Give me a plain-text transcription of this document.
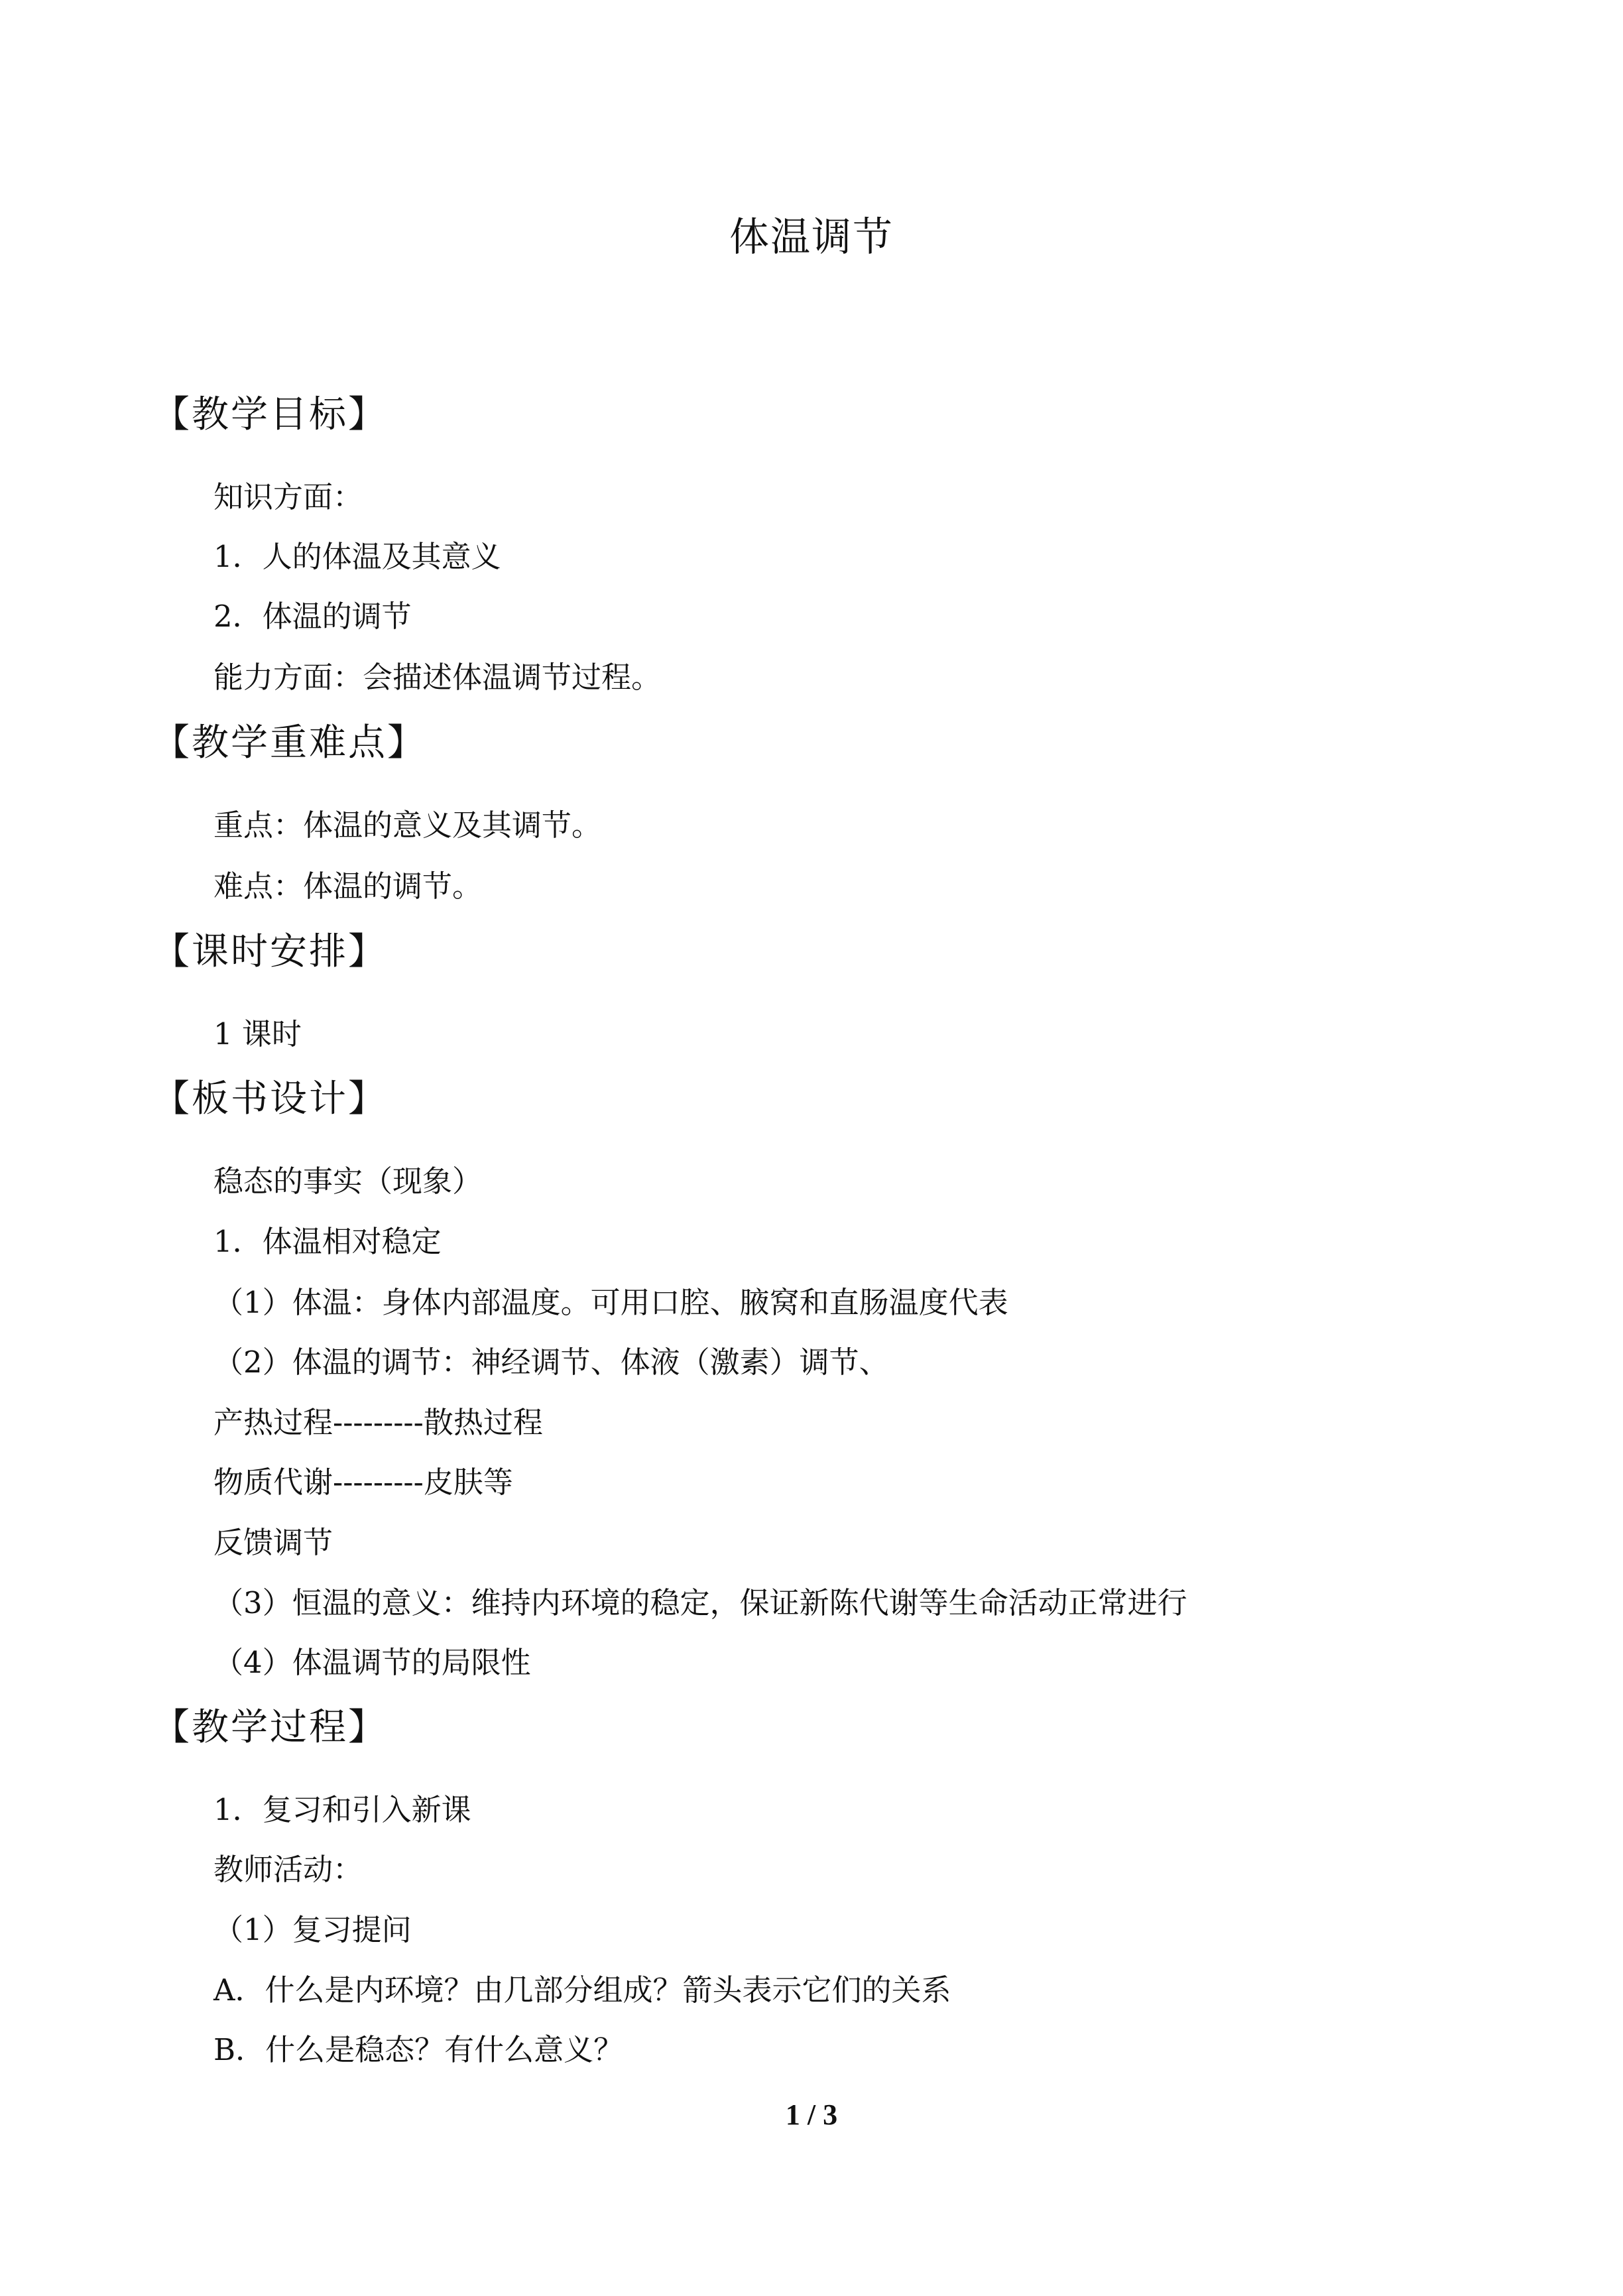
体温调节
【教学目标】
知识方面：
1．人的体温及其意义
2．体温的调节
能力方面：会描述体温调节过程。
【教学重难点】
重点：体温的意义及其调节。
难点：体温的调节。
【课时安排】
1 课时
【板书设计】
稳态的事实（现象）
1．体温相对稳定
（1）体温：身体内部温度。可用口腔、腋窝和直肠温度代表
（2）体温的调节：神经调节、体液（激素）调节、
产热过程---------散热过程
物质代谢---------皮肤等
反馈调节
（3）恒温的意义：维持内环境的稳定，保证新陈代谢等生命活动正常进行
（4）体温调节的局限性
【教学过程】
1．复习和引入新课
教师活动：
（1）复习提问
A．什么是内环境？由几部分组成？箭头表示它们的关系
B．什么是稳态？有什么意义？
1 / 3
